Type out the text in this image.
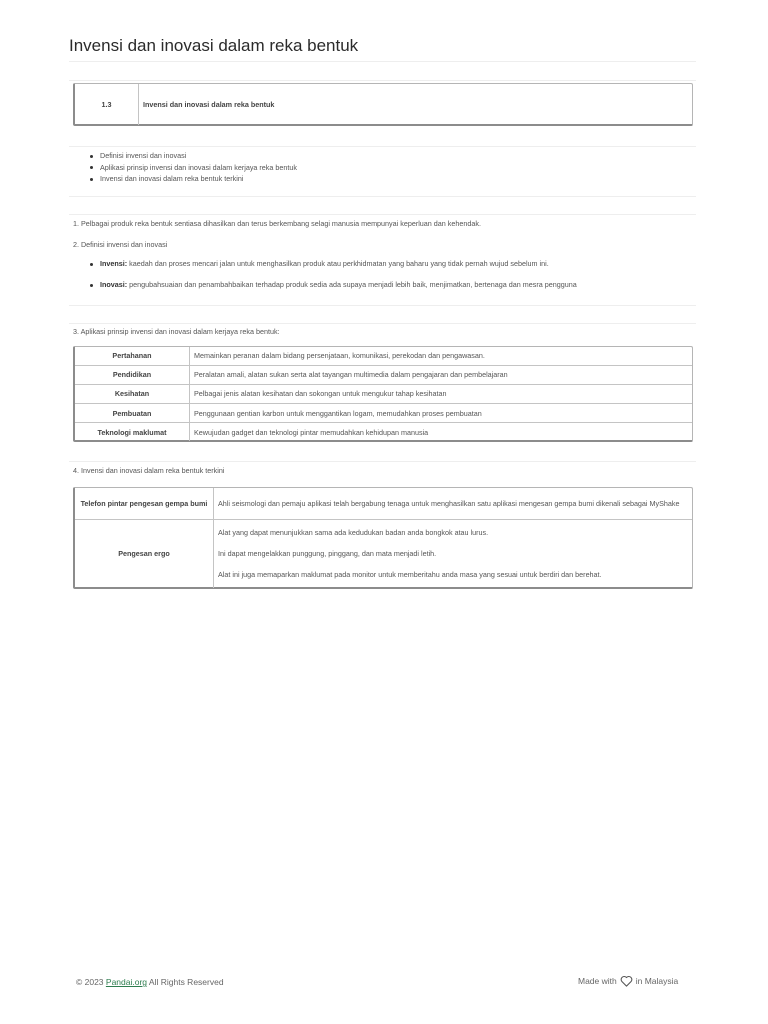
Invensi dan inovasi dalam reka bentuk
1.3	Invensi dan inovasi dalam reka bentuk
Definisi invensi dan inovasi
Aplikasi prinsip invensi dan inovasi dalam kerjaya reka bentuk
Invensi dan inovasi dalam reka bentuk terkini

1. Pelbagai produk reka bentuk sentiasa dihasilkan dan terus berkembang selagi manusia mempunyai keperluan dan kehendak.

2. Definisi invensi dan inovasi

Invensi: kaedah dan proses mencari jalan untuk menghasilkan produk atau perkhidmatan yang baharu yang tidak pernah wujud sebelum ini.
Inovasi: pengubahsuaian dan penambahbaikan terhadap produk sedia ada supaya menjadi lebih baik, menjimatkan, bertenaga dan mesra pengguna

3. Aplikasi prinsip invensi dan inovasi dalam kerjaya reka bentuk:

Pertahanan	Memainkan peranan dalam bidang persenjataan, komunikasi, perekodan dan pengawasan.
Pendidikan	Peralatan amali, alatan sukan serta alat tayangan multimedia dalam pengajaran dan pembelajaran
Kesihatan	Pelbagai jenis alatan kesihatan dan sokongan untuk mengukur tahap kesihatan
Pembuatan	Penggunaan gentian karbon untuk menggantikan logam, memudahkan proses pembuatan
Teknologi maklumat	Kewujudan gadget dan teknologi pintar memudahkan kehidupan manusia

4. Invensi dan inovasi dalam reka bentuk terkini

Telefon pintar pengesan gempa bumi	Ahli seismologi dan pemaju aplikasi telah bergabung tenaga untuk menghasilkan satu aplikasi mengesan gempa bumi dikenali sebagai MyShake
Pengesan ergo	Alat yang dapat menunjukkan sama ada kedudukan badan anda bongkok atau lurus.
Ini dapat mengelakkan punggung, pinggang, dan mata menjadi letih.
Alat ini juga memaparkan maklumat pada monitor untuk memberitahu anda masa yang sesuai untuk berdiri dan berehat.
© 2023 Pandai.org All Rights Reserved	Made with in Malaysia
